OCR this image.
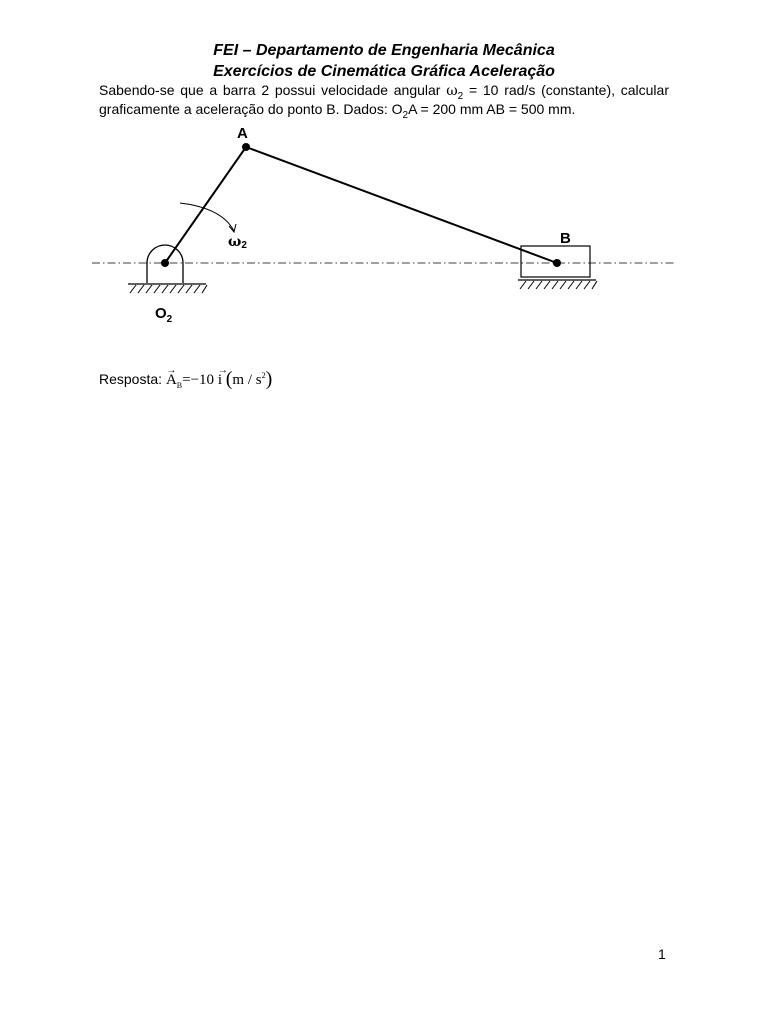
FEI – Departamento de Engenharia Mecânica
Exercícios de Cinemática Gráfica Aceleração
Sabendo-se que a barra 2 possui velocidade angular $\omega_2 = 10$ rad/s (constante), calcular graficamente a aceleração do ponto B. Dados: $O_2A = 200$ mm AB = 500 mm.
A
B
$O_2$
ω2
Resposta: → $A_B=-10 \to i$ $(m / s^2)$
1
